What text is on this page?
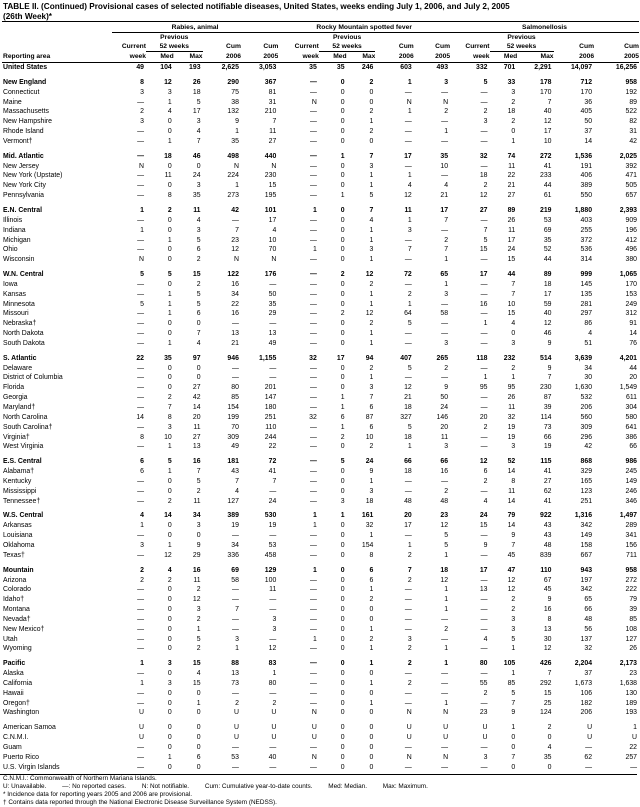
TABLE II. (Continued) Provisional cases of selected notifiable diseases, United States, weeks ending July 1, 2006, and July 2, 2005
(26th Week)*
	Rabies, animal					Rocky Mountain spotted fever					Salmonellosis				
		Previous					Previous					Previous			
	Current	52 weeks		Cum	Cum	Current	52 weeks		Cum	Cum	Current	52 weeks		Cum	Cum
Reporting area	week	Med	Max	2006	2005	week	Med	Max	2006	2005	week	Med	Max	2006	2005
United States	49	104	193	2,625	3,053	35	35	246	603	493	332	701	2,291	14,097	16,256

New England	8	12	26	290	367	—	0	2	1	3	5	33	178	712	958
Connecticut	3	3	18	75	81	—	0	0	—	—	—	3	170	170	192
Maine	—	1	5	38	31	N	0	0	N	N	—	2	7	36	89
Massachusetts	2	4	17	132	210	—	0	2	1	2	2	18	40	405	522
New Hampshire	3	0	3	9	7	—	0	1	—	—	3	2	12	50	82
Rhode Island	—	0	4	1	11	—	0	2	—	1	—	0	17	37	31
Vermont†	—	1	7	35	27	—	0	0	—	—	—	1	10	14	42

Mid. Atlantic	—	18	46	498	440	—	1	7	17	35	32	74	272	1,536	2,025
New Jersey	N	0	0	N	N	—	0	3	—	10	—	11	41	191	392
New York (Upstate)	—	11	24	224	230	—	0	1	1	—	18	22	233	406	471
New York City	—	0	3	1	15	—	0	1	4	4	2	21	44	389	505
Pennsylvania	—	8	35	273	195	—	1	5	12	21	12	27	61	550	657

E.N. Central	1	2	11	42	101	1	0	7	11	17	27	89	219	1,880	2,393
Illinois	—	0	4	—	17	—	0	4	1	7	—	26	53	403	909
Indiana	1	0	3	7	4	—	0	1	3	—	7	11	69	255	196
Michigan	—	1	5	23	10	—	0	1	—	2	5	17	35	372	412
Ohio	—	0	6	12	70	1	0	3	7	7	15	24	52	536	496
Wisconsin	N	0	2	N	N	—	0	1	—	1	—	15	44	314	380

W.N. Central	5	5	15	122	176	—	2	12	72	65	17	44	89	999	1,065
Iowa	—	0	2	16	—	—	0	2	—	1	—	7	18	145	170
Kansas	—	1	5	34	50	—	0	1	2	3	—	7	17	135	153
Minnesota	5	1	5	22	35	—	0	1	1	—	16	10	59	281	249
Missouri	—	1	6	16	29	—	2	12	64	58	—	15	40	297	312
Nebraska†	—	0	0	—	—	—	0	2	5	—	1	4	12	86	91
North Dakota	—	0	7	13	13	—	0	1	—	—	—	0	46	4	14
South Dakota	—	1	4	21	49	—	0	1	—	3	—	3	9	51	76

S. Atlantic	22	35	97	946	1,155	32	17	94	407	265	118	232	514	3,639	4,201
Delaware	—	0	0	—	—	—	0	2	5	2	—	2	9	34	44
District of Columbia	—	0	0	—	—	—	0	1	—	—	1	1	7	30	20
Florida	—	0	27	80	201	—	0	3	12	9	95	95	230	1,630	1,549
Georgia	—	2	42	85	147	—	1	7	21	50	—	26	87	532	611
Maryland†	—	7	14	154	180	—	1	6	18	24	—	11	39	206	304
North Carolina	14	8	20	199	251	32	6	87	327	146	20	32	114	560	580
South Carolina†	—	3	11	70	110	—	1	6	5	20	2	19	73	309	641
Virginia†	8	10	27	309	244	—	2	10	18	11	—	19	66	296	386
West Virginia	—	1	13	49	22	—	0	2	1	3	—	3	19	42	66

E.S. Central	6	5	16	181	72	—	5	24	66	66	12	52	115	868	986
Alabama†	6	1	7	43	41	—	0	9	18	16	6	14	41	329	245
Kentucky	—	0	5	7	7	—	0	1	—	—	2	8	27	165	149
Mississippi	—	0	2	4	—	—	0	3	—	2	—	11	62	123	246
Tennessee†	—	2	11	127	24	—	3	18	48	48	4	14	41	251	346

W.S. Central	4	14	34	389	530	1	1	161	20	23	24	79	922	1,316	1,497
Arkansas	1	0	3	19	19	1	0	32	17	12	15	14	43	342	289
Louisiana	—	0	0	—	—	—	0	1	—	5	—	9	43	149	341
Oklahoma	3	1	9	34	53	—	0	154	1	5	9	7	48	158	156
Texas†	—	12	29	336	458	—	0	8	2	1	—	45	839	667	711

Mountain	2	4	16	69	129	1	0	6	7	18	17	47	110	943	958
Arizona	2	2	11	58	100	—	0	6	2	12	—	12	67	197	272
Colorado	—	0	2	—	11	—	0	1	—	1	13	12	45	342	222
Idaho†	—	0	12	—	—	—	0	2	—	1	—	2	9	65	79
Montana	—	0	3	7	—	—	0	0	—	1	—	2	16	66	39
Nevada†	—	0	2	—	3	—	0	0	—	—	—	3	8	48	85
New Mexico†	—	0	1	—	3	—	0	1	—	2	—	3	13	56	108
Utah	—	0	5	3	—	1	0	2	3	—	4	5	30	137	127
Wyoming	—	0	2	1	12	—	0	1	2	1	—	1	12	32	26

Pacific	1	3	15	88	83	—	0	1	2	1	80	105	426	2,204	2,173
Alaska	—	0	4	13	1	—	0	0	—	—	—	1	7	37	23
California	1	3	15	73	80	—	0	1	2	—	55	85	292	1,673	1,638
Hawaii	—	0	0	—	—	—	0	0	—	—	2	5	15	106	130
Oregon†	—	0	1	2	2	—	0	1	—	1	—	7	25	182	189
Washington	U	0	0	U	U	N	0	0	N	N	23	9	124	206	193

American Samoa	U	0	0	U	U	U	0	0	U	U	U	1	2	U	1
C.N.M.I.	U	0	0	U	U	U	0	0	U	U	U	0	0	U	U
Guam	—	0	0	—	—	—	0	0	—	—	—	0	4	—	22
Puerto Rico	—	1	6	53	40	N	0	0	N	N	3	7	35	62	257
U.S. Virgin Islands	—	0	0	—	—	—	0	0	—	—	—	0	0	—	—
C.N.M.I.: Commonwealth of Northern Mariana Islands.
U: Unavailable. —: No reported cases. N: Not notifiable. Cum: Cumulative year-to-date counts. Med: Median. Max: Maximum.
* Incidence data for reporting years 2005 and 2006 are provisional.
† Contains data reported through the National Electronic Disease Surveillance System (NEDSS).
